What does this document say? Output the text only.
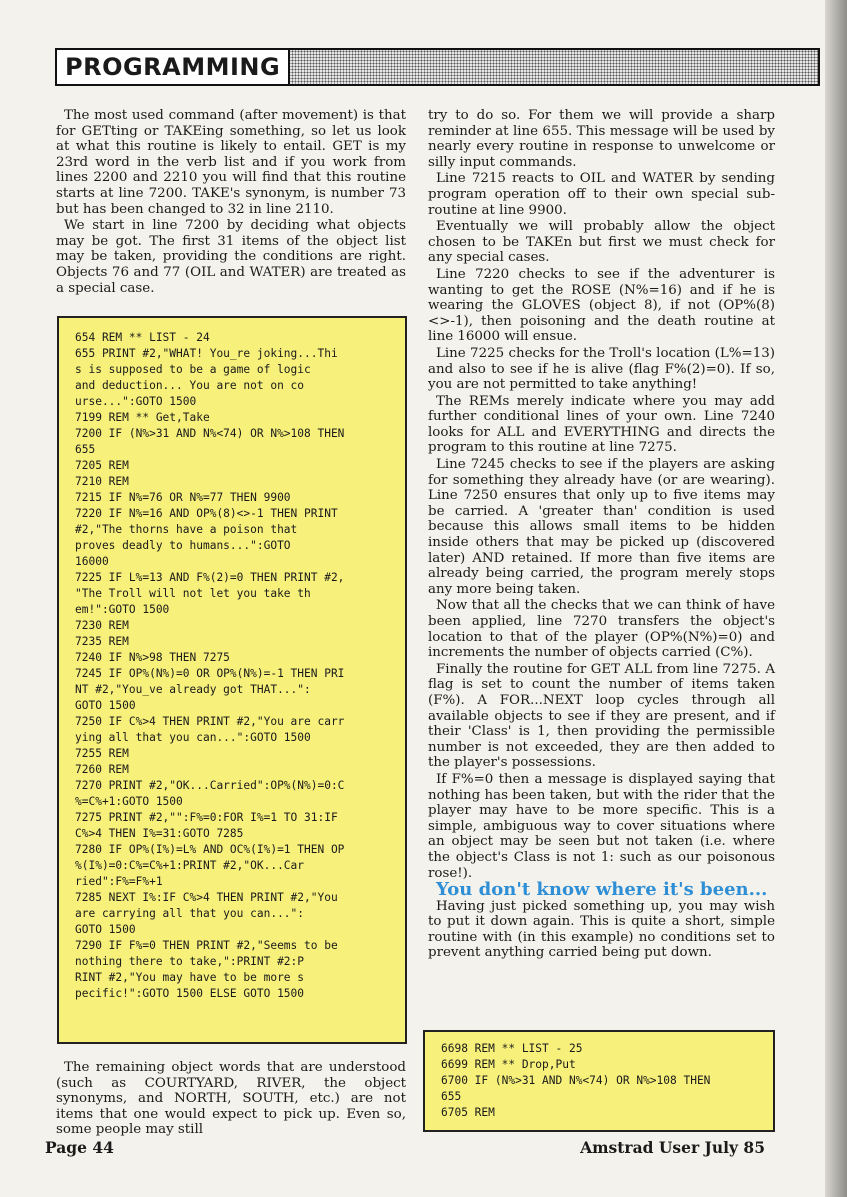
PROGRAMMING

The most used command (after movement) is that for GETting or TAKEing something, so let us look at what this routine is likely to entail. GET is my 23rd word in the verb list and if you work from lines 2200 and 2210 you will find that this routine starts at line 7200. TAKE's synonym, is number 73 but has been changed to 32 in line 2110.

We start in line 7200 by deciding what objects may be got. The first 31 items of the object list may be taken, providing the conditions are right. Objects 76 and 77 (OIL and WATER) are treated as a special case.

654 REM ** LIST - 24
655 PRINT #2,"WHAT! You_re joking...Thi
s is supposed to be a game of logic
and deduction... You are not on co
urse...":GOTO 1500
7199 REM ** Get,Take
7200 IF (N%>31 AND N%<74) OR N%>108 THEN
655
7205 REM
7210 REM
7215 IF N%=76 OR N%=77 THEN 9900
7220 IF N%=16 AND OP%(8)<>-1 THEN PRINT
#2,"The thorns have a poison that
proves deadly to humans...":GOTO
16000
7225 IF L%=13 AND F%(2)=0 THEN PRINT #2,
"The Troll will not let you take th
em!":GOTO 1500
7230 REM
7235 REM
7240 IF N%>98 THEN 7275
7245 IF OP%(N%)=0 OR OP%(N%)=-1 THEN PRI
NT #2,"You_ve already got THAT...":
GOTO 1500
7250 IF C%>4 THEN PRINT #2,"You are carr
ying all that you can...":GOTO 1500
7255 REM
7260 REM
7270 PRINT #2,"OK...Carried":OP%(N%)=0:C
%=C%+1:GOTO 1500
7275 PRINT #2,"":F%=0:FOR I%=1 TO 31:IF
C%>4 THEN I%=31:GOTO 7285
7280 IF OP%(I%)=L% AND OC%(I%)=1 THEN OP
%(I%)=0:C%=C%+1:PRINT #2,"OK...Car
ried":F%=F%+1
7285 NEXT I%:IF C%>4 THEN PRINT #2,"You
are carrying all that you can...":
GOTO 1500
7290 IF F%=0 THEN PRINT #2,"Seems to be
nothing there to take,":PRINT #2:P
RINT #2,"You may have to be more s
pecific!":GOTO 1500 ELSE GOTO 1500

The remaining object words that are understood (such as COURTYARD, RIVER, the object synonyms, and NORTH, SOUTH, etc.) are not items that one would expect to pick up. Even so, some people may still

try to do so. For them we will provide a sharp reminder at line 655. This message will be used by nearly every routine in response to unwelcome or silly input commands.

Line 7215 reacts to OIL and WATER by sending program operation off to their own special sub-routine at line 9900.

Eventually we will probably allow the object chosen to be TAKEn but first we must check for any special cases.

Line 7220 checks to see if the adventurer is wanting to get the ROSE (N%=16) and if he is wearing the GLOVES (object 8), if not (OP%(8)<>-1), then poisoning and the death routine at line 16000 will ensue.

Line 7225 checks for the Troll's location (L%=13) and also to see if he is alive (flag F%(2)=0). If so, you are not permitted to take anything!

The REMs merely indicate where you may add further conditional lines of your own. Line 7240 looks for ALL and EVERYTHING and directs the program to this routine at line 7275.

Line 7245 checks to see if the players are asking for something they already have (or are wearing). Line 7250 ensures that only up to five items may be carried. A 'greater than' condition is used because this allows small items to be hidden inside others that may be picked up (discovered later) AND retained. If more than five items are already being carried, the program merely stops any more being taken.

Now that all the checks that we can think of have been applied, line 7270 transfers the object's location to that of the player (OP%(N%)=0) and increments the number of objects carried (C%).

Finally the routine for GET ALL from line 7275. A flag is set to count the number of items taken (F%). A FOR...NEXT loop cycles through all available objects to see if they are present, and if their 'Class' is 1, then providing the permissible number is not exceeded, they are then added to the player's possessions.

If F%=0 then a message is displayed saying that nothing has been taken, but with the rider that the player may have to be more specific. This is a simple, ambiguous way to cover situations where an object may be seen but not taken (i.e. where the object's Class is not 1: such as our poisonous rose!).

You don't know where it's been...

Having just picked something up, you may wish to put it down again. This is quite a short, simple routine with (in this example) no conditions set to prevent anything carried being put down.

6698 REM ** LIST - 25
6699 REM ** Drop,Put
6700 IF (N%>31 AND N%<74) OR N%>108 THEN
655
6705 REM
Page 44	Amstrad User July 85
